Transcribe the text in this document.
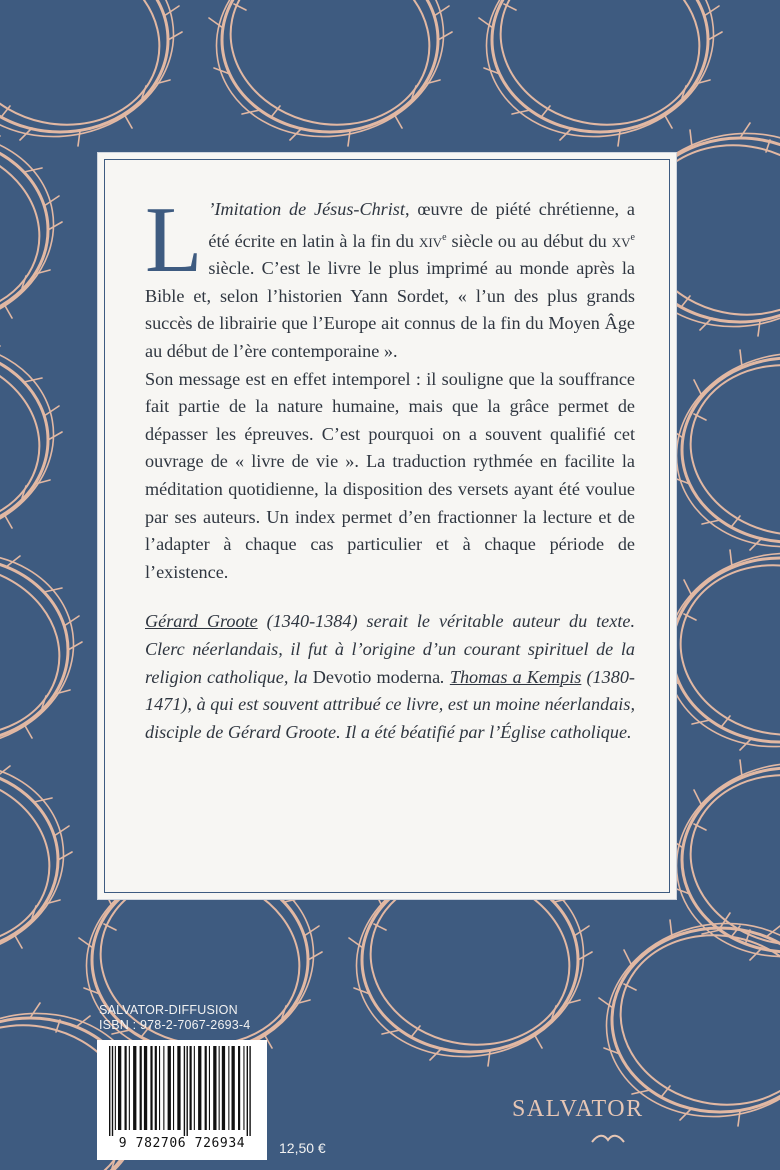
L ’Imitation de Jésus-Christ, œuvre de piété chrétienne, a été écrite en latin à la fin du xiv$^e$ siècle ou au début du $xv^e$ siècle. C’est le livre le plus imprimé au monde après la Bible et, selon l’historien Yann Sordet, « l’un des plus grands succès de librairie que l’Europe ait connus de la fin du Moyen Âge au début de l’ère contemporaine ».

Son message est en effet intemporel : il souligne que la souffrance fait partie de la nature humaine, mais que la grâce permet de dépasser les épreuves. C’est pourquoi on a souvent qualifié cet ouvrage de « livre de vie ». La traduction rythmée en facilite la méditation quotidienne, la disposition des versets ayant été voulue par ses auteurs. Un index permet d’en fractionner la lecture et de l’adapter à chaque cas particulier et à chaque période de l’existence.

Gérard Groote (1340-1384) serait le véritable auteur du texte. Clerc néerlandais, il fut à l’origine d’un courant spirituel de la religion catholique, la Devotio moderna. Thomas a Kempis (1380-1471), à qui est souvent attribué ce livre, est un moine néerlandais, disciple de Gérard Groote. Il a été béatifié par l’Église catholique.

SALVATOR-DIFFUSION
ISBN : 978-2-7067-2693-4
9 782706 726934	12,50 €
SALVATOR
